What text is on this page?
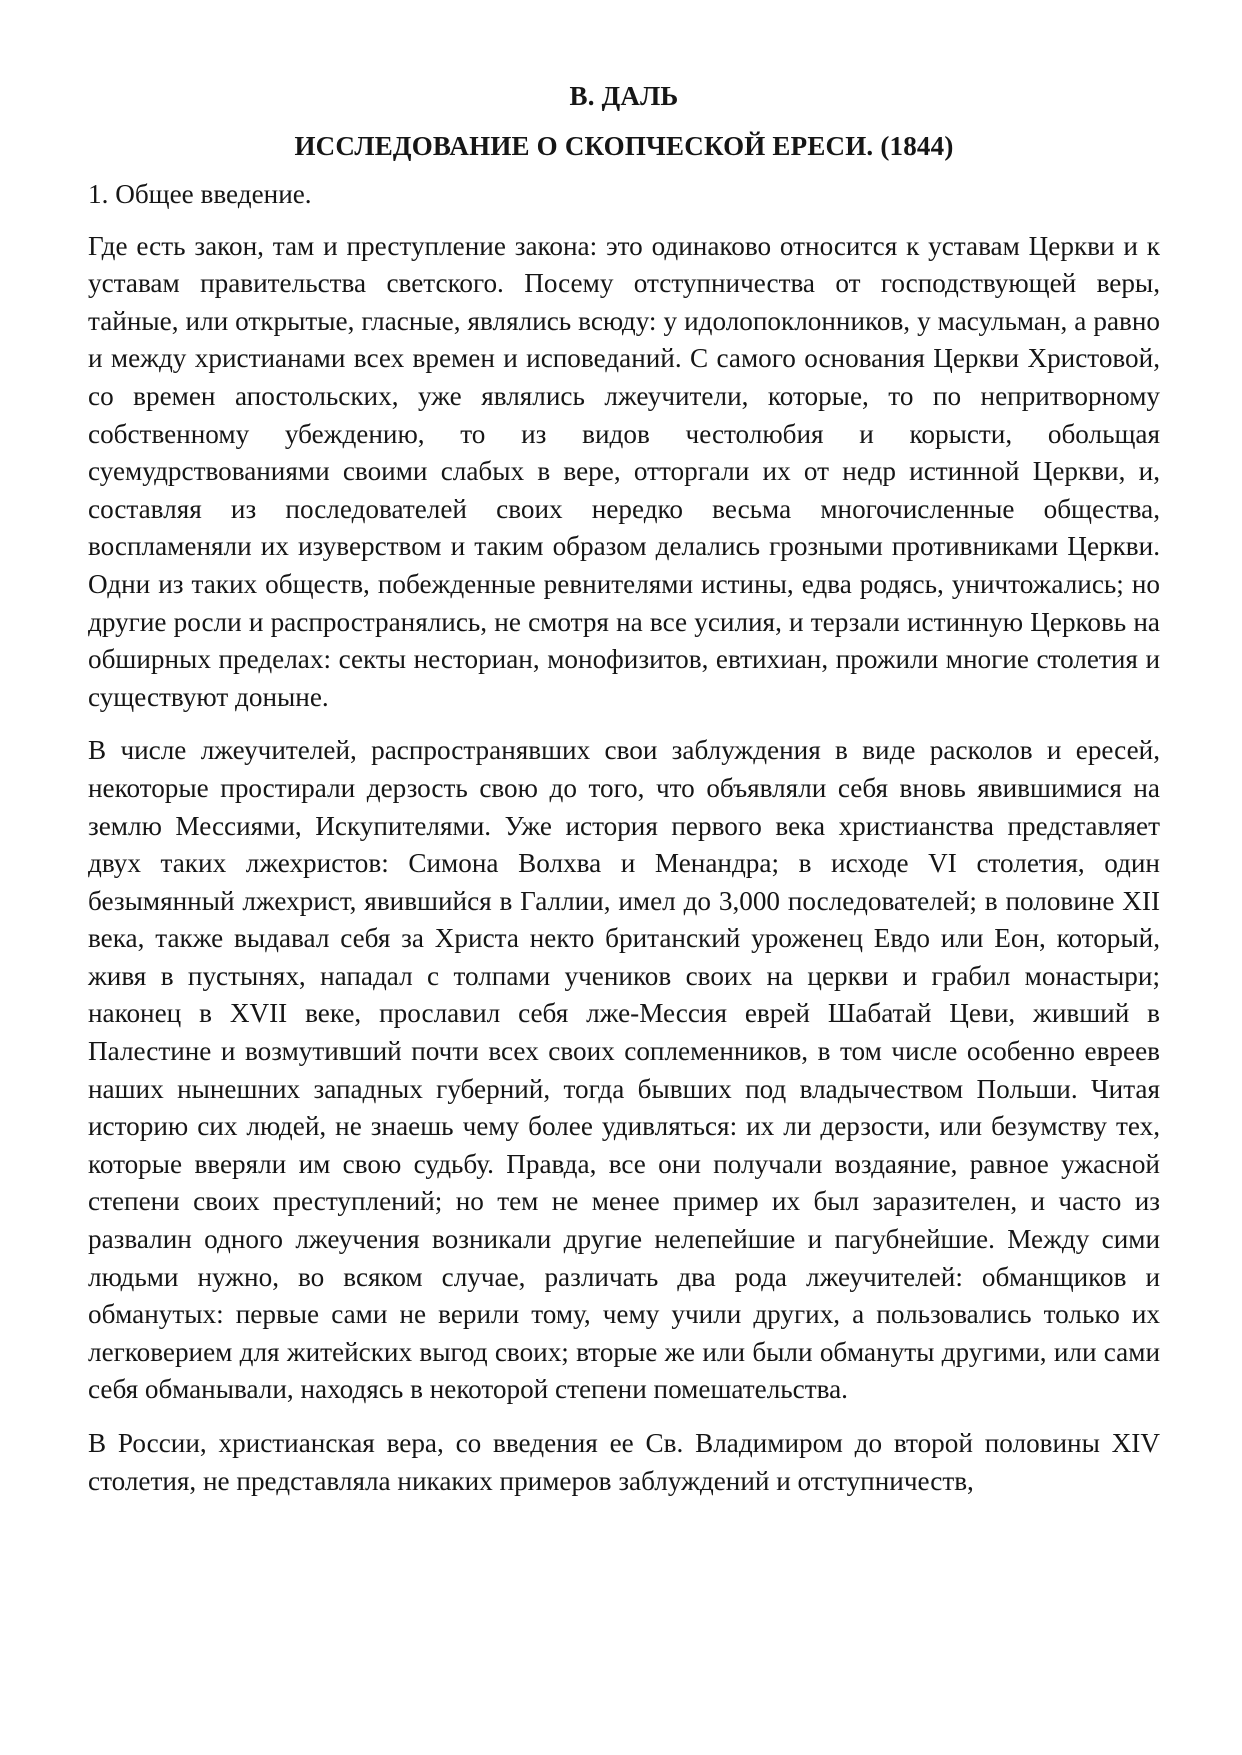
В. ДАЛЬ
ИССЛЕДОВАНИЕ О СКОПЧЕСКОЙ ЕРЕСИ. (1844)
1. Общее введение.

Где есть закон, там и преступление закона: это одинаково относится к уставам Церкви и к уставам правительства светского. Посему отступничества от господствующей веры, тайные, или открытые, гласные, являлись всюду: у идолопоклонников, у масульман, а равно и между христианами всех времен и исповеданий. С самого основания Церкви Христовой, со времен апостольских, уже являлись лжеучители, которые, то по непритворному собственному убеждению, то из видов честолюбия и корысти, обольщая суемудрствованиями своими слабых в вере, отторгали их от недр истинной Церкви, и, составляя из последователей своих нередко весьма многочисленные общества, воспламеняли их изуверством и таким образом делались грозными противниками Церкви. Одни из таких обществ, побежденные ревнителями истины, едва родясь, уничтожались; но другие росли и распространялись, не смотря на все усилия, и терзали истинную Церковь на обширных пределах: секты несториан, монофизитов, евтихиан, прожили многие столетия и существуют доныне.

В числе лжеучителей, распространявших свои заблуждения в виде расколов и ересей, некоторые простирали дерзость свою до того, что объявляли себя вновь явившимися на землю Мессиями, Искупителями. Уже история первого века христианства представляет двух таких лжехристов: Симона Волхва и Менандра; в исходе VI столетия, один безымянный лжехрист, явившийся в Галлии, имел до 3,000 последователей; в половине XII века, также выдавал себя за Христа некто британский уроженец Евдо или Еон, который, живя в пустынях, нападал с толпами учеников своих на церкви и грабил монастыри; наконец в XVII веке, прославил себя лже-Мессия еврей Шабатай Цеви, живший в Палестине и возмутивший почти всех своих соплеменников, в том числе особенно евреев наших нынешних западных губерний, тогда бывших под владычеством Польши. Читая историю сих людей, не знаешь чему более удивляться: их ли дерзости, или безумству тех, которые вверяли им свою судьбу. Правда, все они получали воздаяние, равное ужасной степени своих преступлений; но тем не менее пример их был заразителен, и часто из развалин одного лжеучения возникали другие нелепейшие и пагубнейшие. Между сими людьми нужно, во всяком случае, различать два рода лжеучителей: обманщиков и обманутых: первые сами не верили тому, чему учили других, а пользовались только их легковерием для житейских выгод своих; вторые же или были обмануты другими, или сами себя обманывали, находясь в некоторой степени помешательства.

В России, христианская вера, со введения ее Св. Владимиром до второй половины XIV столетия, не представляла никаких примеров заблуждений и отступничеств,
